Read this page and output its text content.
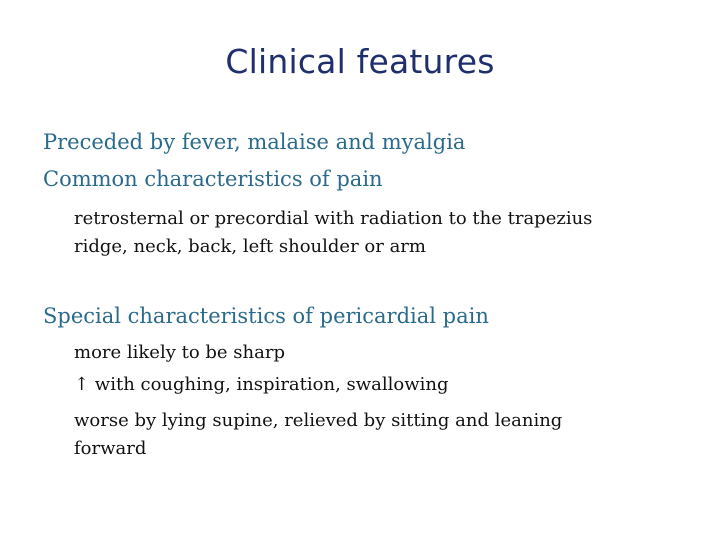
Clinical features
Preceded by fever, malaise and myalgia
Common characteristics of pain
retrosternal or precordial with radiation to the trapezius
ridge, neck, back, left shoulder or arm
Special characteristics of pericardial pain
more likely to be sharp
↑ with coughing, inspiration, swallowing
worse by lying supine, relieved by sitting and leaning
forward
